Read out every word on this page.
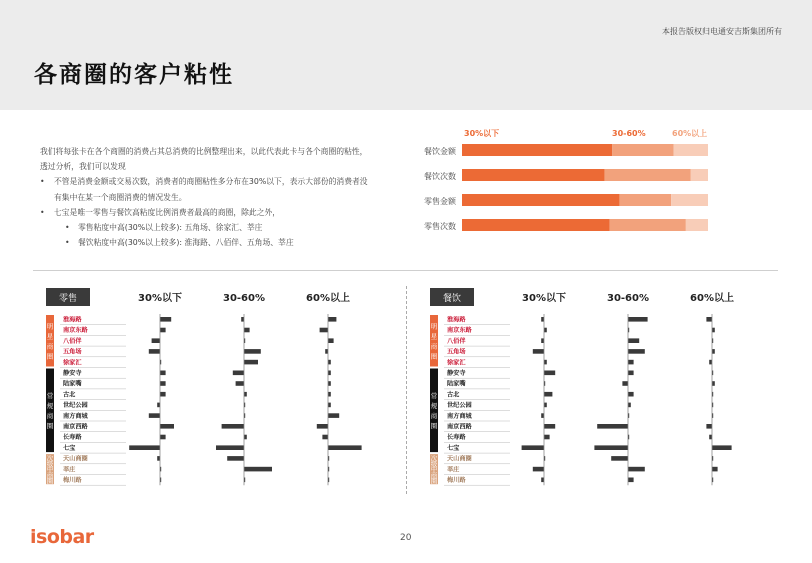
本报告版权归电通安吉斯集团所有
各商圈的客户粘性
我们将每张卡在各个商圈的消费占其总消费的比例整理出来，以此代表此卡与各个商圈的粘性，透过分析，我们可以发现
• 不管是消费金额或交易次数，消费者的商圈粘性多分布在30%以下，表示大部份的消费者没有集中在某一个商圈消费的情况发生。
• 七宝是唯一零售与餐饮高粘度比例消费者最高的商圈，除此之外，
• 零售粘度中高(30%以上较多): 五角场、徐家汇、莘庄
• 餐饮粘度中高(30%以上较多): 淮海路、八佰伴、五角场、莘庄
30%以下	30-60%	60%以上
餐饮金额
餐饮次数
零售金额
零售次数
零售	30%以下	30-60%	60%以上
明
星
商
圈
淮海路
南京东路
八佰伴
五角场
徐家汇
常
规
商
圈
静安寺
陆家嘴
古北
世纪公园
南方商城
南京西路
长寿路
七宝
次
级
中
商
圈
天山商圈
莘庄
梅川路
餐饮	30%以下	30-60%	60%以上
明
星
商
圈
淮海路
南京东路
八佰伴
五角场
徐家汇
常
规
商
圈
静安寺
陆家嘴
古北
世纪公园
南方商城
南京西路
长寿路
七宝
次
级
中
商
圈
天山商圈
莘庄
梅川路
isobar	20
